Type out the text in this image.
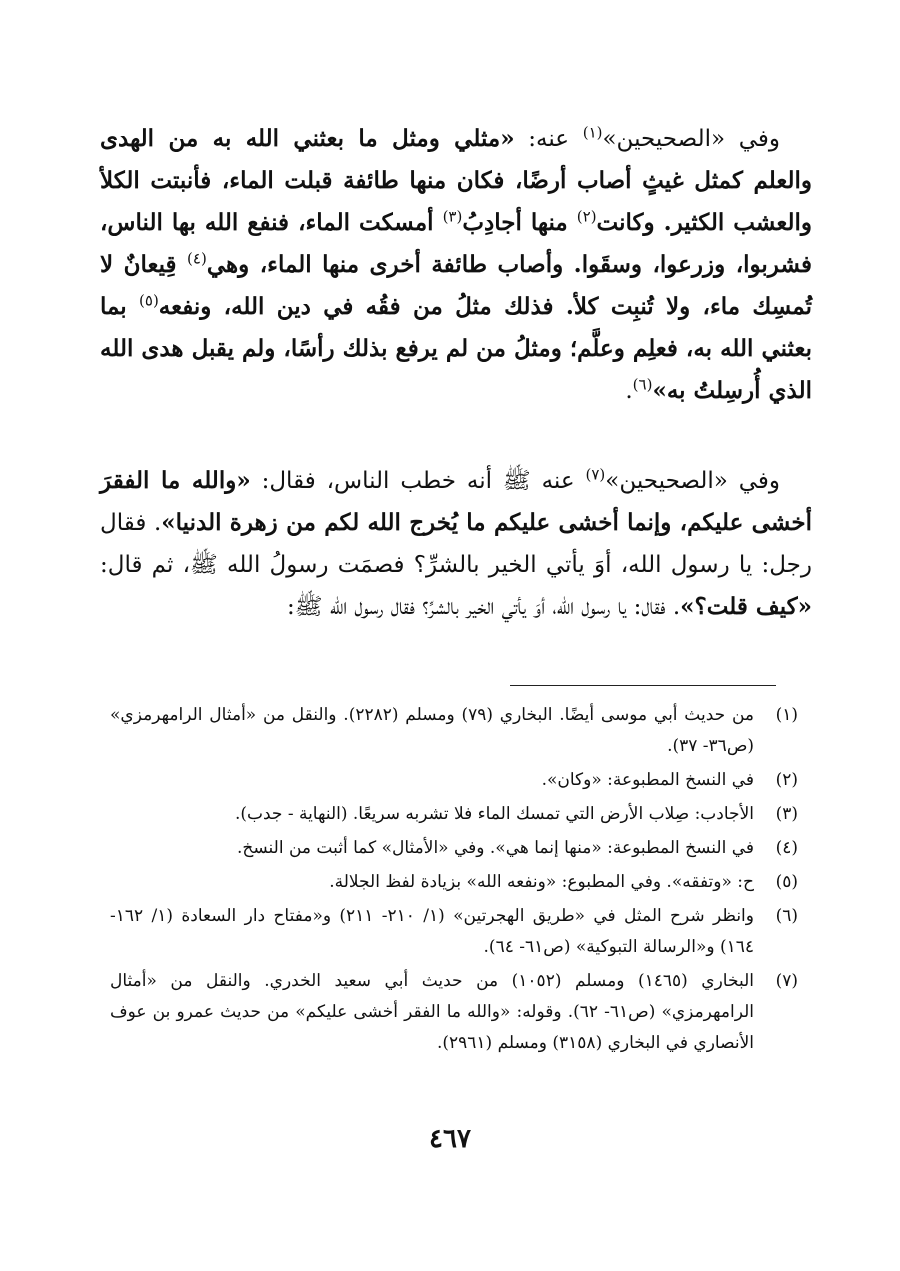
وفي «الصحيحين»$^{(١)}$ عنه: «مثلي ومثل ما بعثني الله به من الهدى والعلم كمثل غيثٍ أصاب أرضًا، فكان منها طائفة قبلت الماء، فأنبتت الكلأ والعشب الكثير. وكانت$^{(٢)}$ منها أجادِبُ$^{(٣)}$ أمسكت الماء، فنفع الله بها الناس، فشربوا، وزرعوا، وسقَوا. وأصاب طائفة أخرى منها الماء، وهي$^{(٤)}$ قِيعانٌ لا تُمسِك ماء، ولا تُنبِت كلأ. فذلك مثلُ من فقُه في دين الله، ونفعه$^{(٥)}$ بما بعثني الله به، فعلِم وعلَّم؛ ومثلُ من لم يرفع بذلك رأسًا، ولم يقبل هدى الله الذي أُرسِلتُ به»$^{(٦)}$.

وفي «الصحيحين»$^{(٧)}$ عنه ﷺ أنه خطب الناس، فقال: «والله ما الفقرَ أخشى عليكم، وإنما أخشى عليكم ما يُخرج الله لكم من زهرة الدنيا». فقال رجل: يا رسول الله، أوَ يأتي الخير بالشرِّ؟ فصمَت رسولُ الله ﷺ، ثم قال: «كيف قلت؟». فقال: يا رسول الله، أوَ يأتي الخير بالشرِّ؟ فقال رسول الله ﷺ:

(١)
من حديث أبي موسى أيضًا. البخاري (٧٩) ومسلم (٢٢٨٢). والنقل من «أمثال الرامهرمزي» (ص٣٦- ٣٧).
(٢)
في النسخ المطبوعة: «وكان».
(٣)
الأجادب: صِلاب الأرض التي تمسك الماء فلا تشربه سريعًا. (النهاية - جدب).
(٤)
في النسخ المطبوعة: «منها إنما هي». وفي «الأمثال» كما أثبت من النسخ.
(٥)
ح: «وتفقه». وفي المطبوع: «ونفعه الله» بزيادة لفظ الجلالة.
(٦)
وانظر شرح المثل في «طريق الهجرتين» (١/ ٢١٠- ٢١١) و«مفتاح دار السعادة (١/ ١٦٢- ١٦٤) و«الرسالة التبوكية» (ص٦١- ٦٤).
(٧)
البخاري (١٤٦٥) ومسلم (١٠٥٢) من حديث أبي سعيد الخدري. والنقل من «أمثال الرامهرمزي» (ص٦١- ٦٢). وقوله: «والله ما الفقر أخشى عليكم» من حديث عمرو بن عوف الأنصاري في البخاري (٣١٥٨) ومسلم (٢٩٦١).
٤٦٧
